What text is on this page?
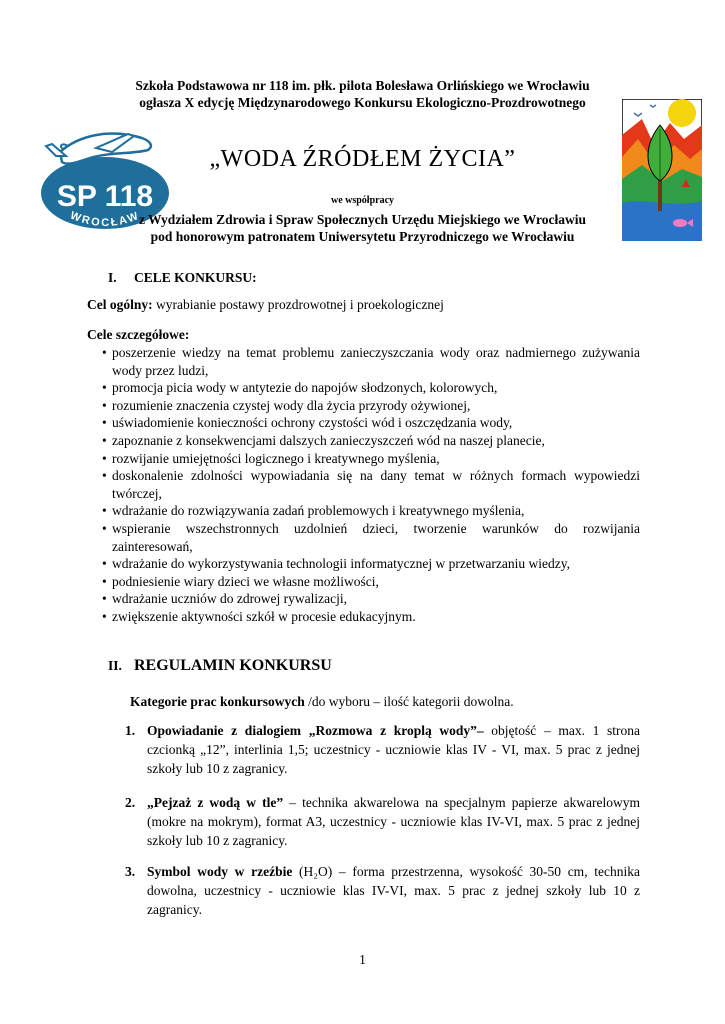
Szkoła Podstawowa nr 118 im. płk. pilota Bolesława Orlińskiego we Wrocławiu
ogłasza X edycję Międzynarodowego Konkursu Ekologiczno-Prozdrowotnego
SP 118
WROCŁAW
„WODA ŹRÓDŁEM ŻYCIA”
we współpracy
z Wydziałem Zdrowia i Spraw Społecznych Urzędu Miejskiego we Wrocławiu
pod honorowym patronatem Uniwersytetu Przyrodniczego we Wrocławiu
I. CELE KONKURSU:
Cel ogólny: wyrabianie postawy prozdrowotnej i proekologicznej
Cele szczegółowe:
• poszerzenie wiedzy na temat problemu zanieczyszczania wody oraz nadmiernego zużywania wody przez ludzi,
• promocja picia wody w antytezie do napojów słodzonych, kolorowych,
• rozumienie znaczenia czystej wody dla życia przyrody ożywionej,
• uświadomienie konieczności ochrony czystości wód i oszczędzania wody,
• zapoznanie z konsekwencjami dalszych zanieczyszczeń wód na naszej planecie,
• rozwijanie umiejętności logicznego i kreatywnego myślenia,
• doskonalenie zdolności wypowiadania się na dany temat w różnych formach wypowiedzi twórczej,
• wdrażanie do rozwiązywania zadań problemowych i kreatywnego myślenia,
• wspieranie wszechstronnych uzdolnień dzieci, tworzenie warunków do rozwijania zainteresowań,
• wdrażanie do wykorzystywania technologii informatycznej w przetwarzaniu wiedzy,
• podniesienie wiary dzieci we własne możliwości,
• wdrażanie uczniów do zdrowej rywalizacji,
• zwiększenie aktywności szkół w procesie edukacyjnym.
II. REGULAMIN KONKURSU
Kategorie prac konkursowych /do wyboru – ilość kategorii dowolna.
1. Opowiadanie z dialogiem „Rozmowa z kroplą wody”– objętość – max. 1 strona czcionką „12”, interlinia 1,5; uczestnicy - uczniowie klas IV - VI, max. 5 prac z jednej szkoły lub 10 z zagranicy.
2. „Pejzaż z wodą w tle” – technika akwarelowa na specjalnym papierze akwarelowym (mokre na mokrym), format A3, uczestnicy - uczniowie klas IV-VI, max. 5 prac z jednej szkoły lub 10 z zagranicy.
3. Symbol wody w rzeźbie (H₂O) – forma przestrzenna, wysokość 30-50 cm, technika dowolna, uczestnicy - uczniowie klas IV-VI, max. 5 prac z jednej szkoły lub 10 z zagranicy.
1
